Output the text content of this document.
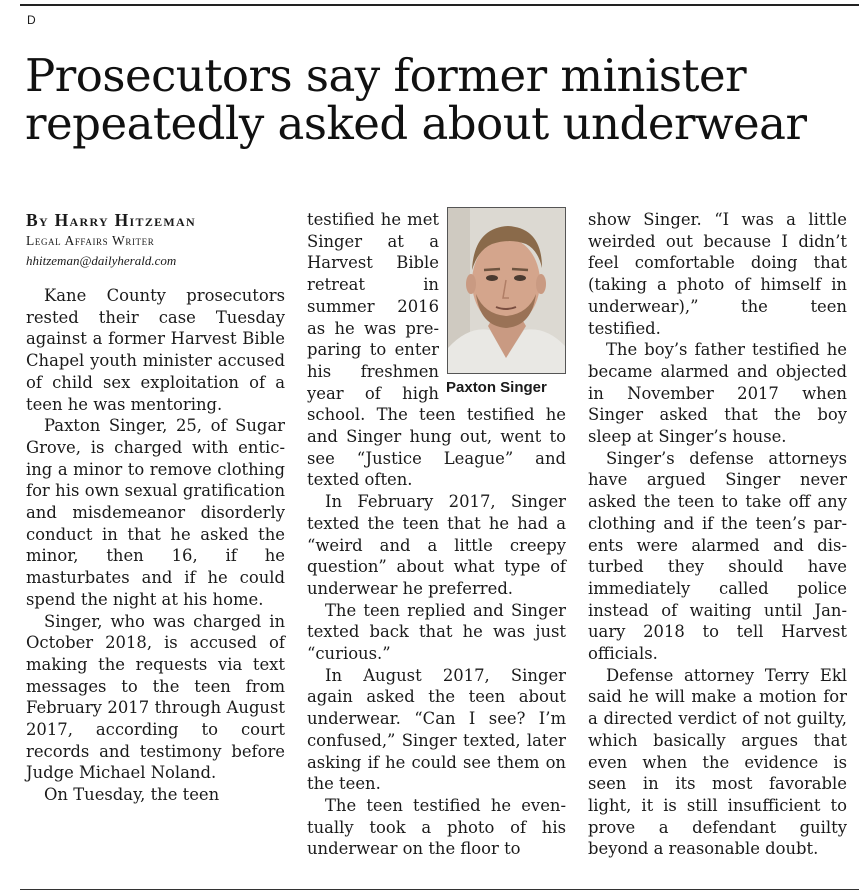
D
Prosecutors say former minister repeatedly asked about underwear
By Harry Hitzeman
Legal Affairs Writer
hhitzeman@dailyherald.com

Kane County prosecutors rested their case Tuesday against a former Harvest Bible Chapel youth minister accused of child sex exploitation of a teen he was mentoring.

Paxton Singer, 25, of Sugar Grove, is charged with enticing a minor to remove clothing for his own sexual gratification and misdemeanor disorderly conduct in that he asked the minor, then 16, if he masturbates and if he could spend the night at his home.

Singer, who was charged in October 2018, is accused of making the requests via text messages to the teen from February 2017 through August 2017, according to court records and testimony before Judge Michael Noland.

On Tuesday, the teen

Paxton Singer

testified he met Singer at a Harvest Bible retreat in summer 2016 as he was preparing to enter his freshmen year of high school. The teen testified he and Singer hung out, went to see “Justice League” and texted often.

In February 2017, Singer texted the teen that he had a “weird and a little creepy question” about what type of underwear he preferred.

The teen replied and Singer texted back that he was just “curious.”

In August 2017, Singer again asked the teen about underwear. “Can I see? I’m confused,” Singer texted, later asking if he could see them on the teen.

The teen testified he eventually took a photo of his underwear on the floor to

show Singer. “I was a little weirded out because I didn’t feel comfortable doing that (taking a photo of himself in underwear),” the teen testified.

The boy’s father testified he became alarmed and objected in November 2017 when Singer asked that the boy sleep at Singer’s house.

Singer’s defense attorneys have argued Singer never asked the teen to take off any clothing and if the teen’s parents were alarmed and disturbed they should have immediately called police instead of waiting until January 2018 to tell Harvest officials.

Defense attorney Terry Ekl said he will make a motion for a directed verdict of not guilty, which basically argues that even when the evidence is seen in its most favorable light, it is still insufficient to prove a defendant guilty beyond a reasonable doubt.
